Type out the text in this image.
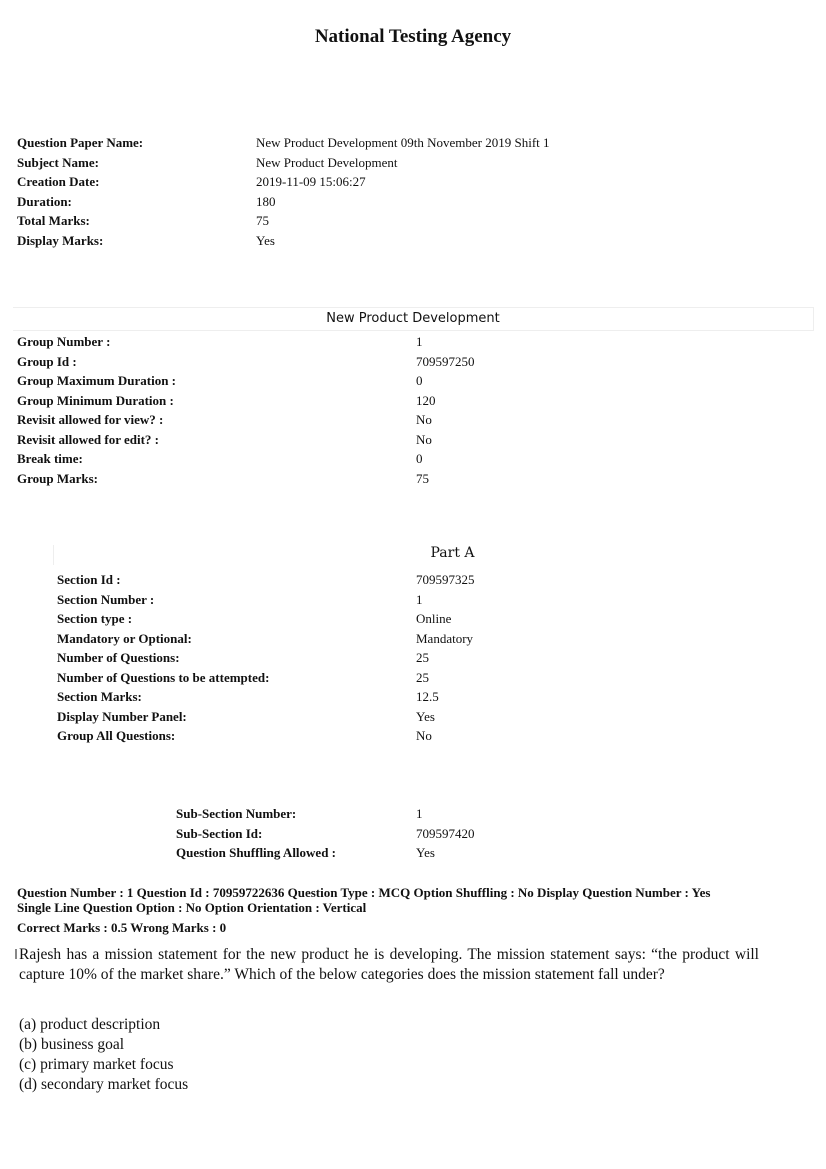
National Testing Agency
Question Paper Name:	New Product Development 09th November 2019 Shift 1
Subject Name:	New Product Development
Creation Date:	2019-11-09 15:06:27
Duration:	180
Total Marks:	75
Display Marks:	Yes
New Product Development
Group Number :	1
Group Id :	709597250
Group Maximum Duration :	0
Group Minimum Duration :	120
Revisit allowed for view? :	No
Revisit allowed for edit? :	No
Break time:	0
Group Marks:	75
Part A
Section Id :	709597325
Section Number :	1
Section type :	Online
Mandatory or Optional:	Mandatory
Number of Questions:	25
Number of Questions to be attempted:	25
Section Marks:	12.5
Display Number Panel:	Yes
Group All Questions:	No
Sub-Section Number:	1
Sub-Section Id:	709597420
Question Shuffling Allowed :	Yes
Question Number : 1 Question Id : 70959722636 Question Type : MCQ Option Shuffling : No Display Question Number : Yes
Single Line Question Option : No Option Orientation : Vertical
Correct Marks : 0.5 Wrong Marks : 0
Rajesh has a mission statement for the new product he is developing. The mission statement says: “the product will capture 10% of the market share.” Which of the below categories does the mission statement fall under?
(a) product description
(b) business goal
(c) primary market focus
(d) secondary market focus
